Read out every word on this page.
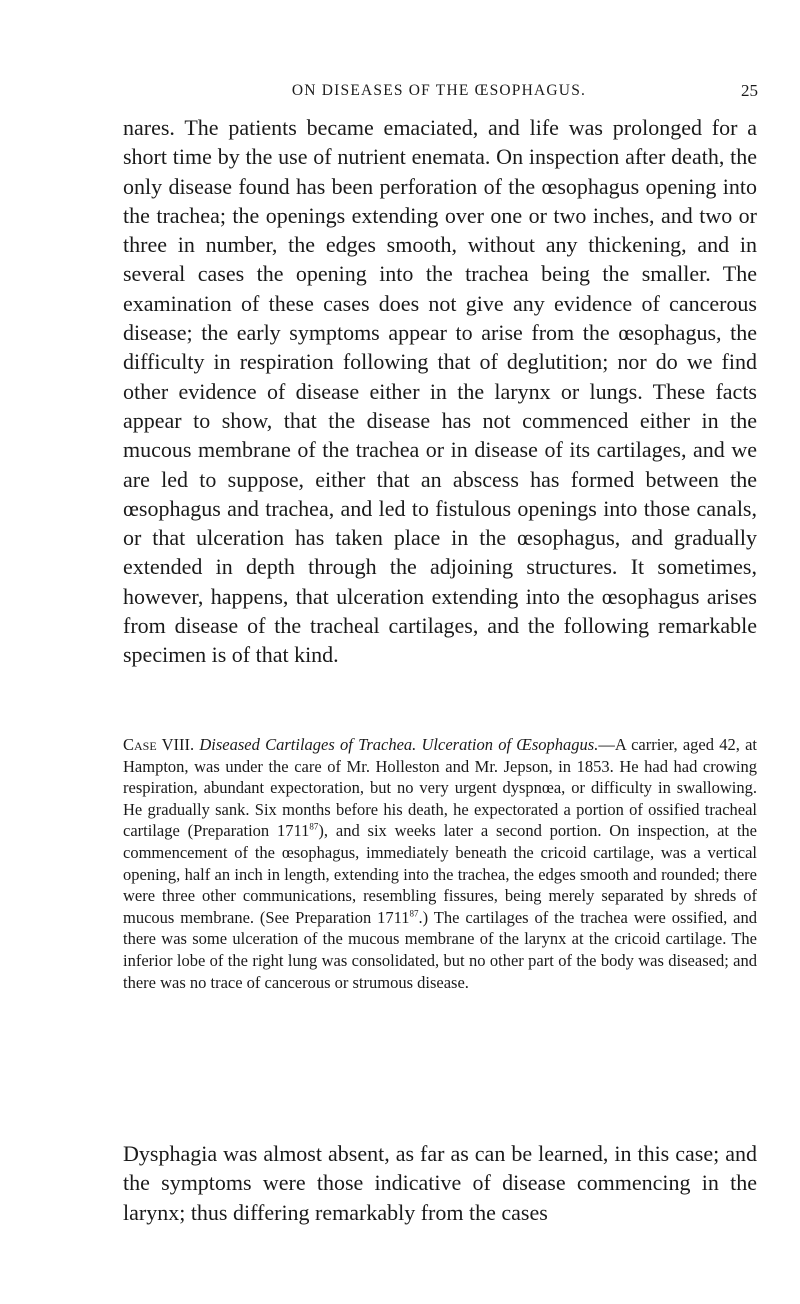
ON DISEASES OF THE ŒSOPHAGUS.	25

nares. The patients became emaciated, and life was prolonged for a short time by the use of nutrient enemata. On inspection after death, the only disease found has been perforation of the œsophagus opening into the trachea; the openings extending over one or two inches, and two or three in number, the edges smooth, without any thickening, and in several cases the opening into the trachea being the smaller. The examination of these cases does not give any evidence of cancerous disease; the early symptoms appear to arise from the œsophagus, the difficulty in respiration following that of deglutition; nor do we find other evidence of disease either in the larynx or lungs. These facts appear to show, that the disease has not commenced either in the mucous membrane of the trachea or in disease of its cartilages, and we are led to suppose, either that an abscess has formed between the œsophagus and trachea, and led to fistulous openings into those canals, or that ulceration has taken place in the œsophagus, and gradually extended in depth through the adjoining structures. It sometimes, however, happens, that ulceration extending into the œsophagus arises from disease of the tracheal cartilages, and the following remarkable specimen is of that kind.

Case VIII. Diseased Cartilages of Trachea. Ulceration of Œsophagus.—A carrier, aged 42, at Hampton, was under the care of Mr. Holleston and Mr. Jepson, in 1853. He had had crowing respiration, abundant expectoration, but no very urgent dyspnœa, or difficulty in swallowing. He gradually sank. Six months before his death, he expectorated a portion of ossified tracheal cartilage (Preparation 1711$^{87}$), and six weeks later a second portion. On inspection, at the commencement of the œsophagus, immediately beneath the cricoid cartilage, was a vertical opening, half an inch in length, extending into the trachea, the edges smooth and rounded; there were three other communications, resembling fissures, being merely separated by shreds of mucous membrane. (See Preparation 1711$^{87}$.) The cartilages of the trachea were ossified, and there was some ulceration of the mucous membrane of the larynx at the cricoid cartilage. The inferior lobe of the right lung was consolidated, but no other part of the body was diseased; and there was no trace of cancerous or strumous disease.

Dysphagia was almost absent, as far as can be learned, in this case; and the symptoms were those indicative of disease commencing in the larynx; thus differing remarkably from the cases
